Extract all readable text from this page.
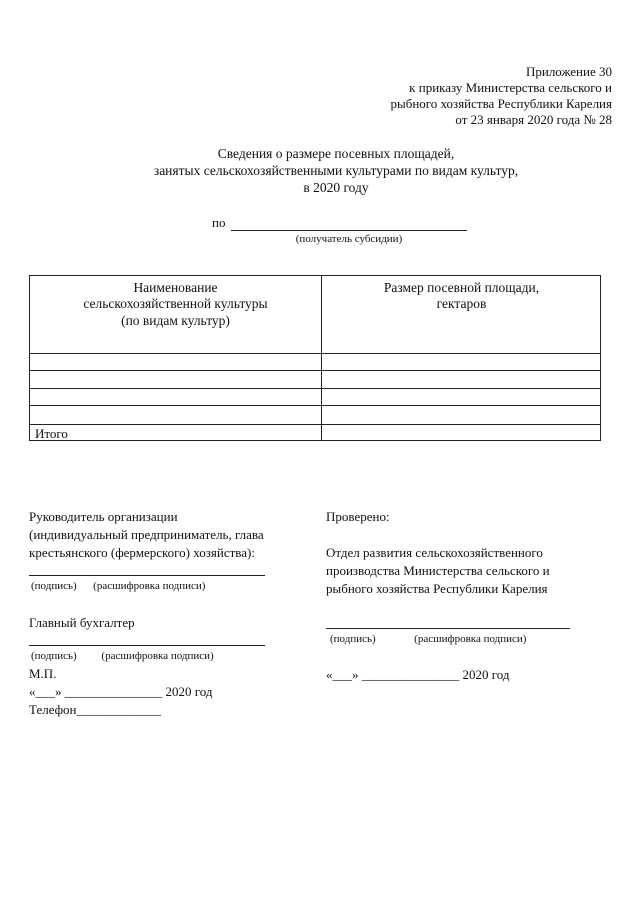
Приложение 30
к приказу Министерства сельского и
рыбного хозяйства Республики Карелия
от 23 января 2020 года № 28
Сведения о размере посевных площадей,
занятых сельскохозяйственными культурами по видам культур,
в 2020 году
по
(получатель субсидии)
Наименование
сельскохозяйственной культуры
(по видам культур)
Размер посевной площади,
гектаров
Итого
Руководитель организации
(индивидуальный предприниматель, глава
крестьянского (фермерского) хозяйства):
(подпись)      (расшифровка подписи)
Главный бухгалтер
(подпись)         (расшифровка подписи)
М.П.
«___» _______________ 2020 год
Телефон_____________
Проверено:
Отдел развития сельскохозяйственного
производства Министерства сельского и
рыбного хозяйства Республики Карелия
(подпись)              (расшифровка подписи)
«___» _______________ 2020 год
